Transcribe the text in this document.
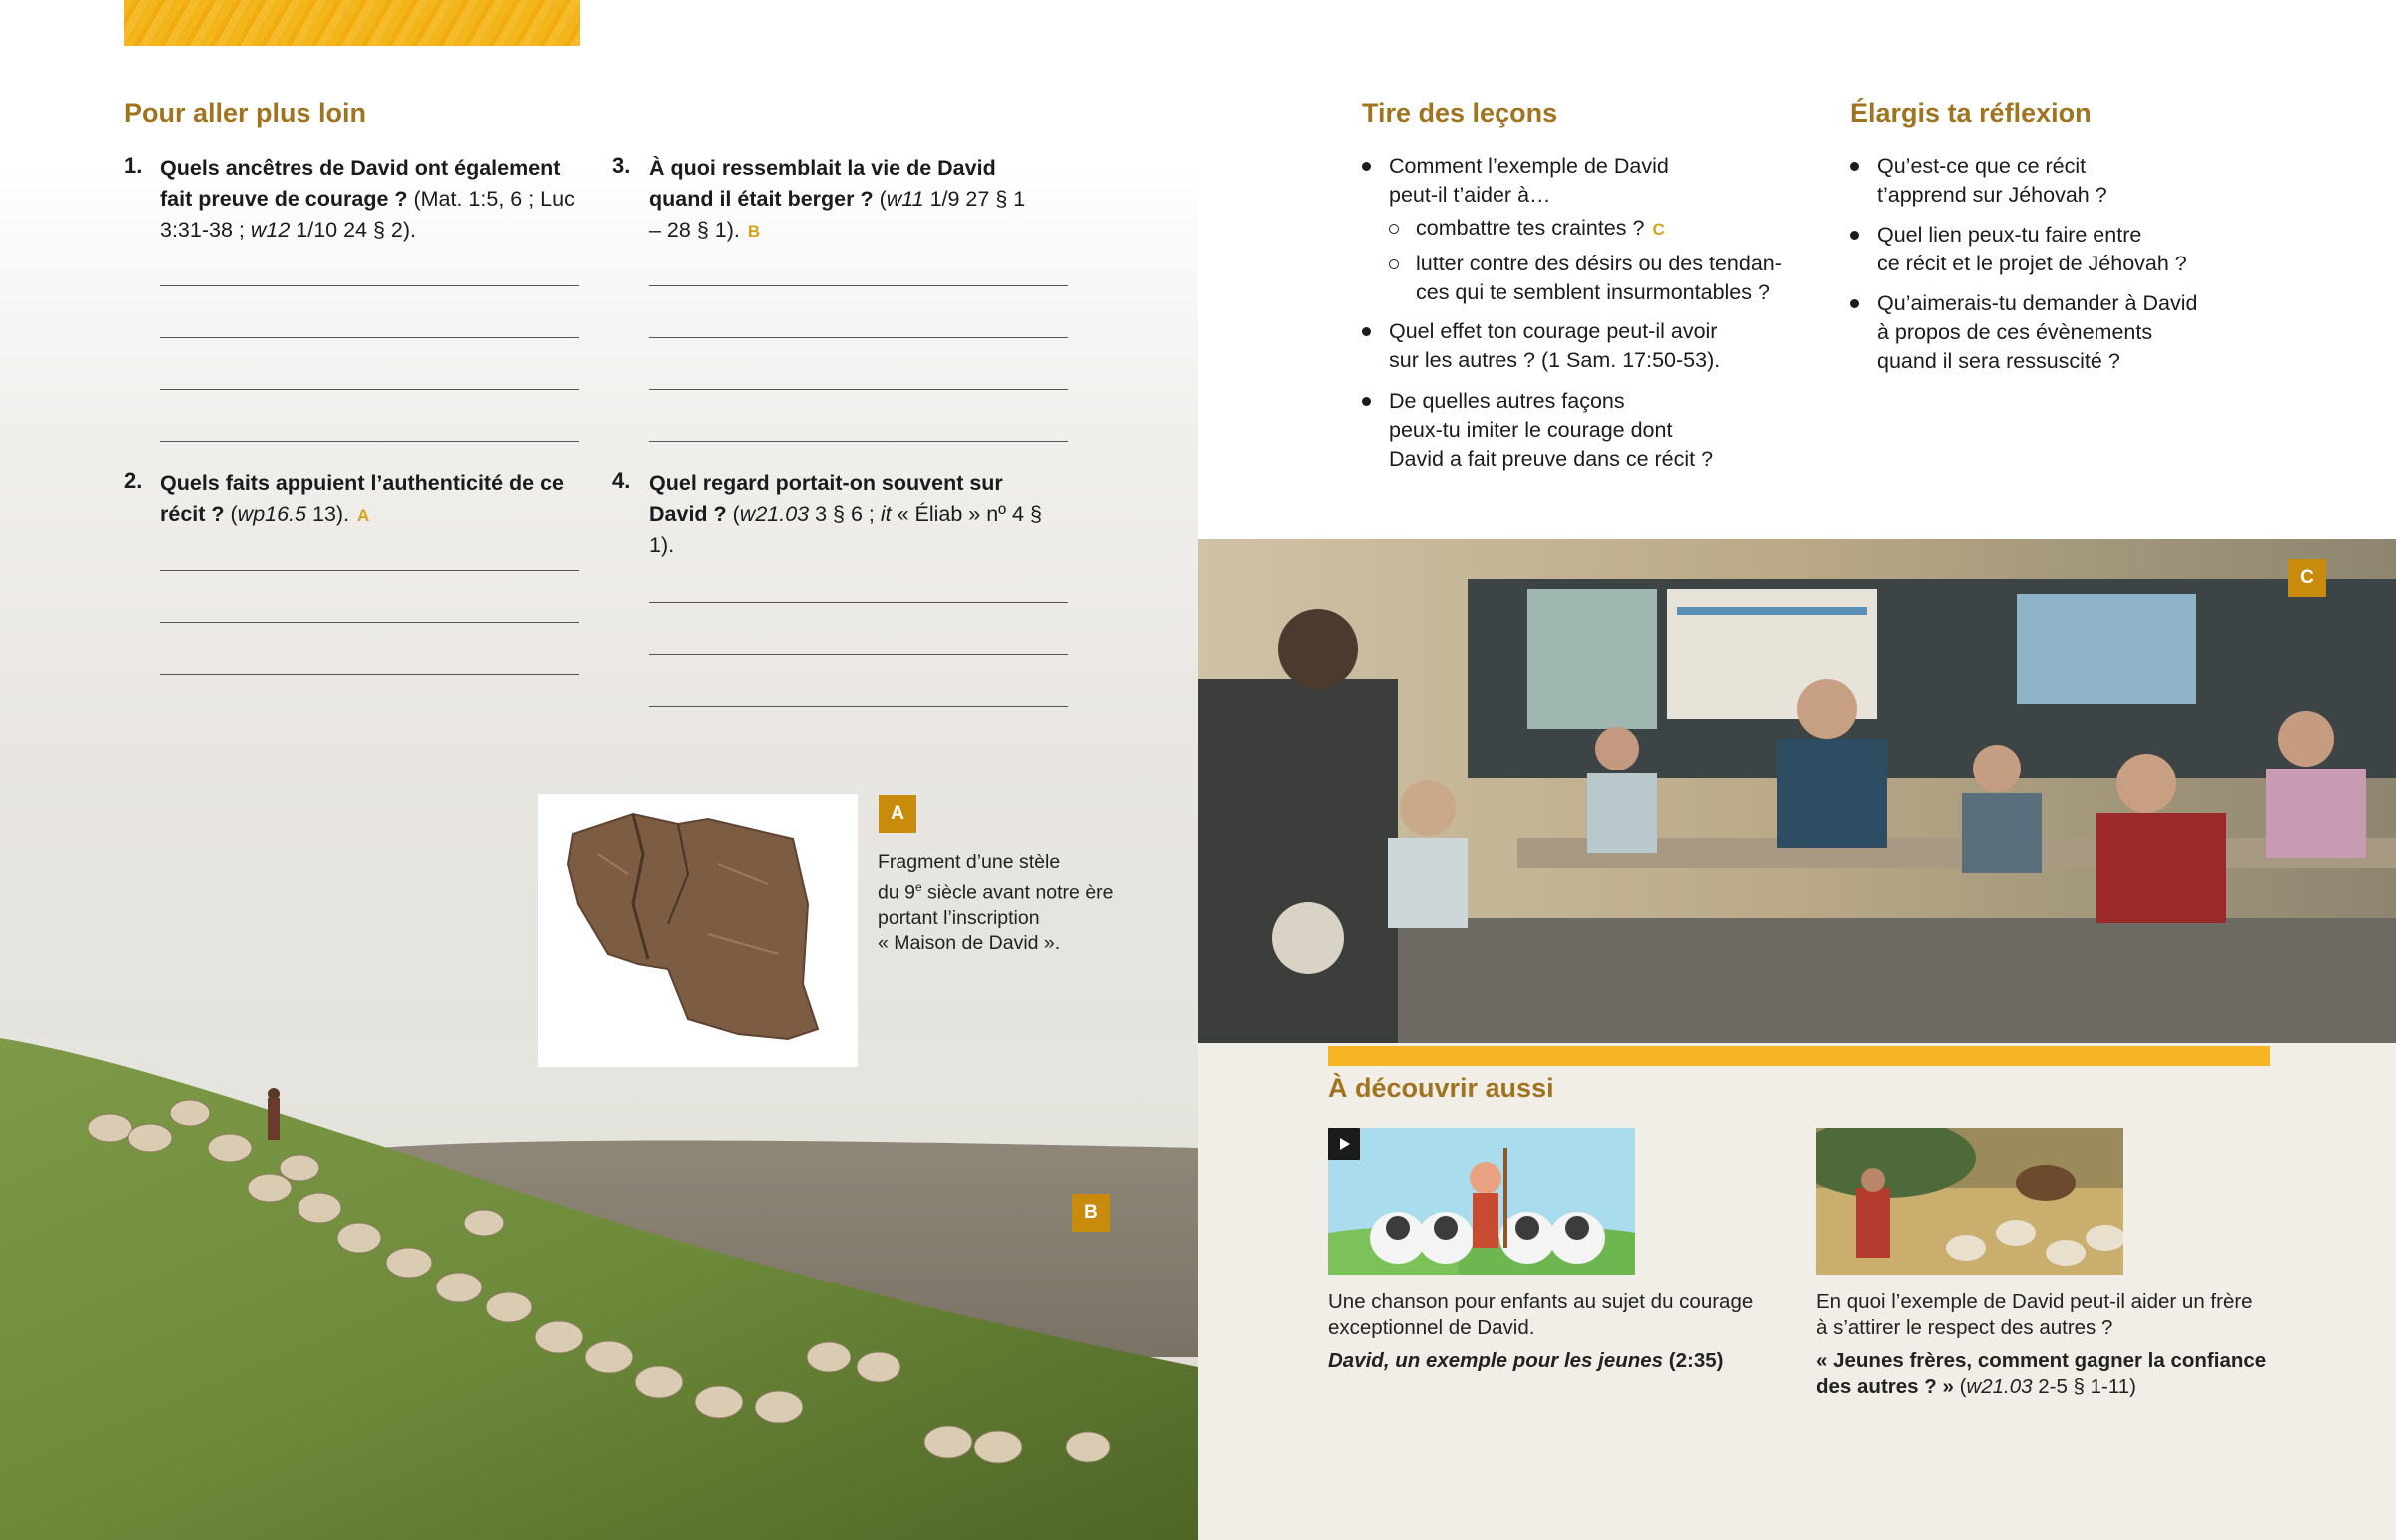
Pour aller plus loin
1. Quels ancêtres de David ont également fait preuve de courage ? (Mat. 1:5, 6 ; Luc 3:31-38 ; w12 1/10 24 § 2).
2. Quels faits appuient l’authenticité de ce récit ? (wp16.5 13). A
3. À quoi ressemblait la vie de David quand il était berger ? (w11 1/9 27 § 1 – 28 § 1). B
4. Quel regard portait-on souvent sur David ? (w21.03 3 § 6 ; it « Éliab » nº 4 § 1).
B
A
Fragment d’une stèle
du 9e siècle avant notre ère
portant l’inscription
« Maison de David ».
Tire des leçons
Comment l’exemple de David
peut-il t’aider à…
combattre tes craintes ? C
lutter contre des désirs ou des tendan-
ces qui te semblent insurmontables ?
Quel effet ton courage peut-il avoir
sur les autres ? (1 Sam. 17:50-53).
De quelles autres façons
peux-tu imiter le courage dont
David a fait preuve dans ce récit ?
Élargis ta réflexion
Qu’est-ce que ce récit
t’apprend sur Jéhovah ?
Quel lien peux-tu faire entre
ce récit et le projet de Jéhovah ?
Qu’aimerais-tu demander à David
à propos de ces évènements
quand il sera ressuscité ?
C
À découvrir aussi
Une chanson pour enfants au sujet du courage
exceptionnel de David.
David, un exemple pour les jeunes (2:35)
En quoi l’exemple de David peut-il aider un frère
à s’attirer le respect des autres ?
« Jeunes frères, comment gagner la confiance
des autres ? » (w21.03 2-5 § 1-11)
